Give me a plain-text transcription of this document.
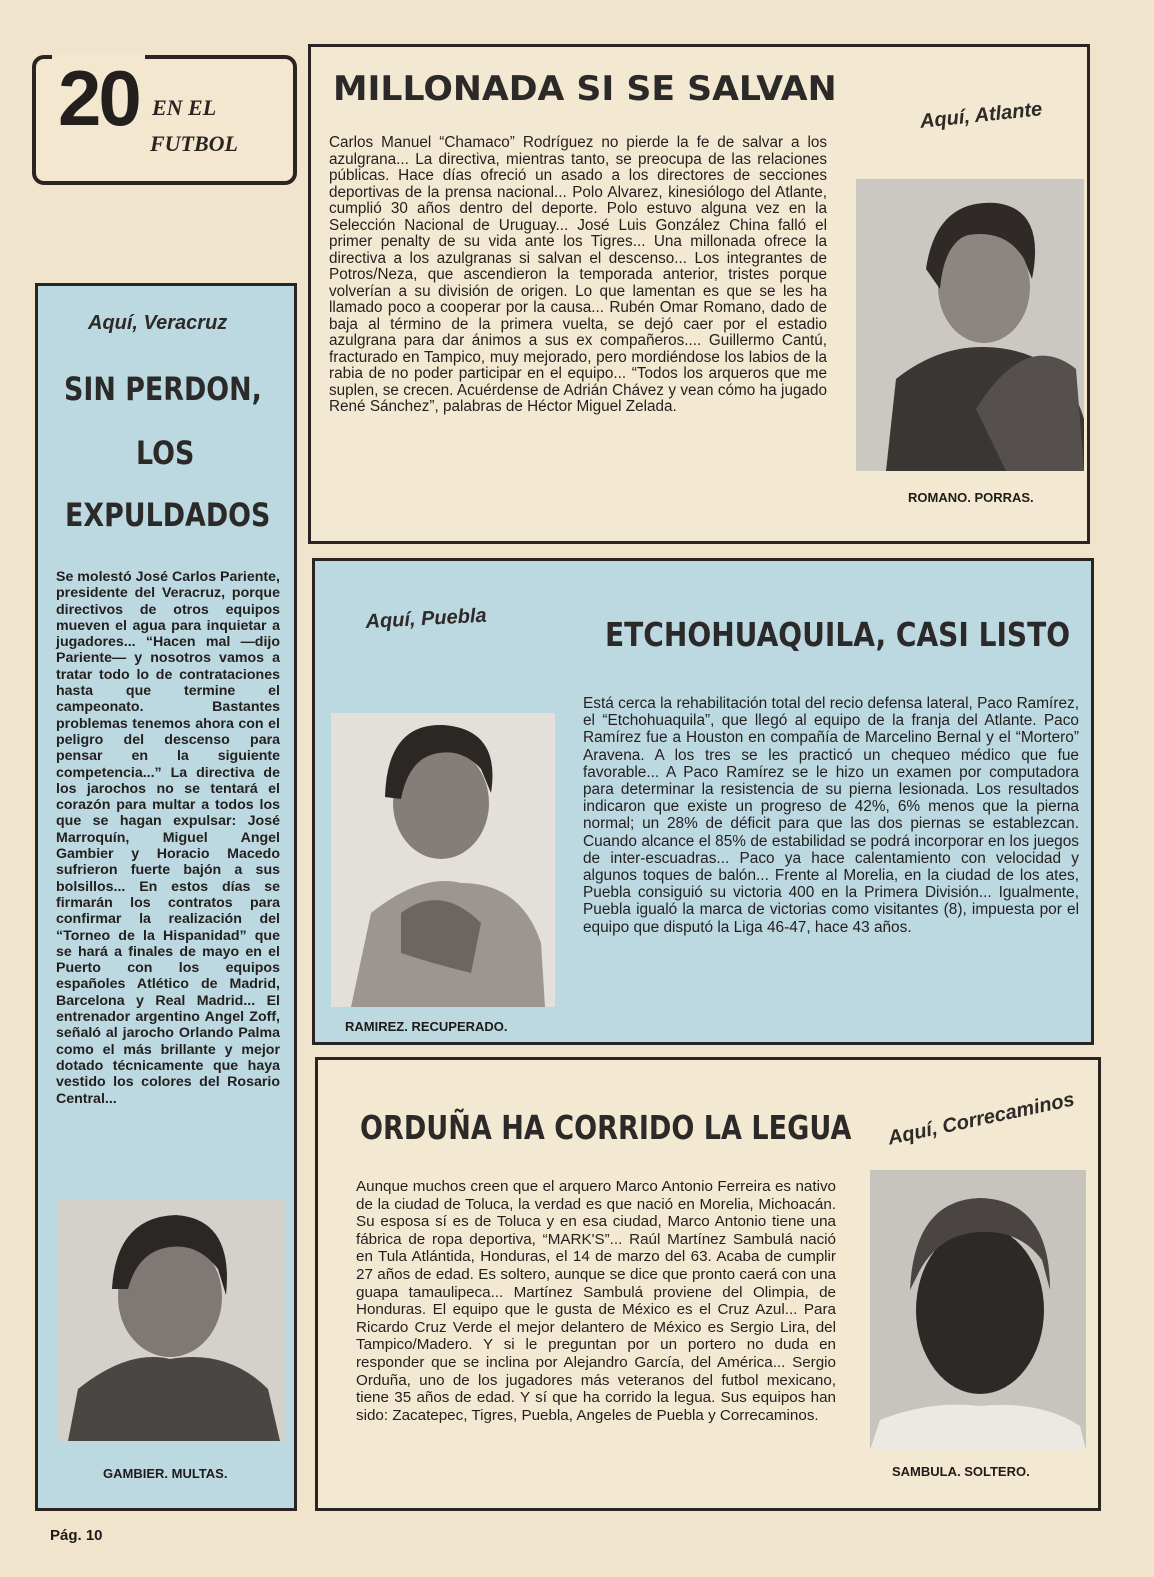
20 EN EL
FUTBOL
MILLONADA SI SE SALVAN
Aquí, Atlante
Carlos Manuel “Chamaco” Rodríguez no pierde la fe de salvar a los azulgrana... La directiva, mientras tanto, se preocupa de las relaciones públicas. Hace días ofreció un asado a los directores de secciones deportivas de la prensa nacional... Polo Alvarez, kinesiólogo del Atlante, cumplió 30 años dentro del deporte. Polo estuvo alguna vez en la Selección Nacional de Uruguay... José Luis González China falló el primer penalty de su vida ante los Tigres... Una millonada ofrece la directiva a los azulgranas si salvan el descenso... Los integrantes de Potros/Neza, que ascendieron la temporada anterior, tristes porque volverían a su división de origen. Lo que lamentan es que se les ha llamado poco a cooperar por la causa... Rubén Omar Romano, dado de baja al término de la primera vuelta, se dejó caer por el estadio azulgrana para dar ánimos a sus ex compañeros.... Guillermo Cantú, fracturado en Tampico, muy mejorado, pero mordiéndose los labios de la rabia de no poder participar en el equipo... “Todos los arqueros que me suplen, se crecen. Acuérdense de Adrián Chávez y vean cómo ha jugado René Sánchez”, palabras de Héctor Miguel Zelada.
ROMANO. PORRAS.
Aquí, Veracruz
SIN PERDON,
LOS
EXPULDADOS
Se molestó José Carlos Pariente, presidente del Veracruz, porque directivos de otros equipos mueven el agua para inquietar a jugadores... “Hacen mal —dijo Pariente— y nosotros vamos a tratar todo lo de contrataciones hasta que termine el campeonato. Bastantes problemas tenemos ahora con el peligro del descenso para pensar en la siguiente competencia...” La directiva de los jarochos no se tentará el corazón para multar a todos los que se hagan expulsar: José Marroquín, Miguel Angel Gambier y Horacio Macedo sufrieron fuerte bajón a sus bolsillos... En estos días se firmarán los contratos para confirmar la realización del “Torneo de la Hispanidad” que se hará a finales de mayo en el Puerto con los equipos españoles Atlético de Madrid, Barcelona y Real Madrid... El entrenador argentino Angel Zoff, señaló al jarocho Orlando Palma como el más brillante y mejor dotado técnicamente que haya vestido los colores del Rosario Central...
GAMBIER. MULTAS.
Aquí, Puebla	ETCHOHUAQUILA, CASI LISTO
RAMIREZ. RECUPERADO.
Está cerca la rehabilitación total del recio defensa lateral, Paco Ramírez, el “Etchohuaquila”, que llegó al equipo de la franja del Atlante. Paco Ramírez fue a Houston en compañía de Marcelino Bernal y el “Mortero” Aravena. A los tres se les practicó un chequeo médico que fue favorable... A Paco Ramírez se le hizo un examen por computadora para determinar la resistencia de su pierna lesionada. Los resultados indicaron que existe un progreso de 42%, 6% menos que la pierna normal; un 28% de déficit para que las dos piernas se establezcan. Cuando alcance el 85% de estabilidad se podrá incorporar en los juegos de inter-escuadras... Paco ya hace calentamiento con velocidad y algunos toques de balón... Frente al Morelia, en la ciudad de los ates, Puebla consiguió su victoria 400 en la Primera División... Igualmente, Puebla igualó la marca de victorias como visitantes (8), impuesta por el equipo que disputó la Liga 46-47, hace 43 años.
ORDUÑA HA CORRIDO LA LEGUA Aquí, Correcaminos
Aunque muchos creen que el arquero Marco Antonio Ferreira es nativo de la ciudad de Toluca, la verdad es que nació en Morelia, Michoacán. Su esposa sí es de Toluca y en esa ciudad, Marco Antonio tiene una fábrica de ropa deportiva, “MARK'S”... Raúl Martínez Sambulá nació en Tula Atlántida, Honduras, el 14 de marzo del 63. Acaba de cumplir 27 años de edad. Es soltero, aunque se dice que pronto caerá con una guapa tamaulipeca... Martínez Sambulá proviene del Olimpia, de Honduras. El equipo que le gusta de México es el Cruz Azul... Para Ricardo Cruz Verde el mejor delantero de México es Sergio Lira, del Tampico/Madero. Y si le preguntan por un portero no duda en responder que se inclina por Alejandro García, del América... Sergio Orduña, uno de los jugadores más veteranos del futbol mexicano, tiene 35 años de edad. Y sí que ha corrido la legua. Sus equipos han sido: Zacatepec, Tigres, Puebla, Angeles de Puebla y Correcaminos.
SAMBULA. SOLTERO.
Pág. 10
